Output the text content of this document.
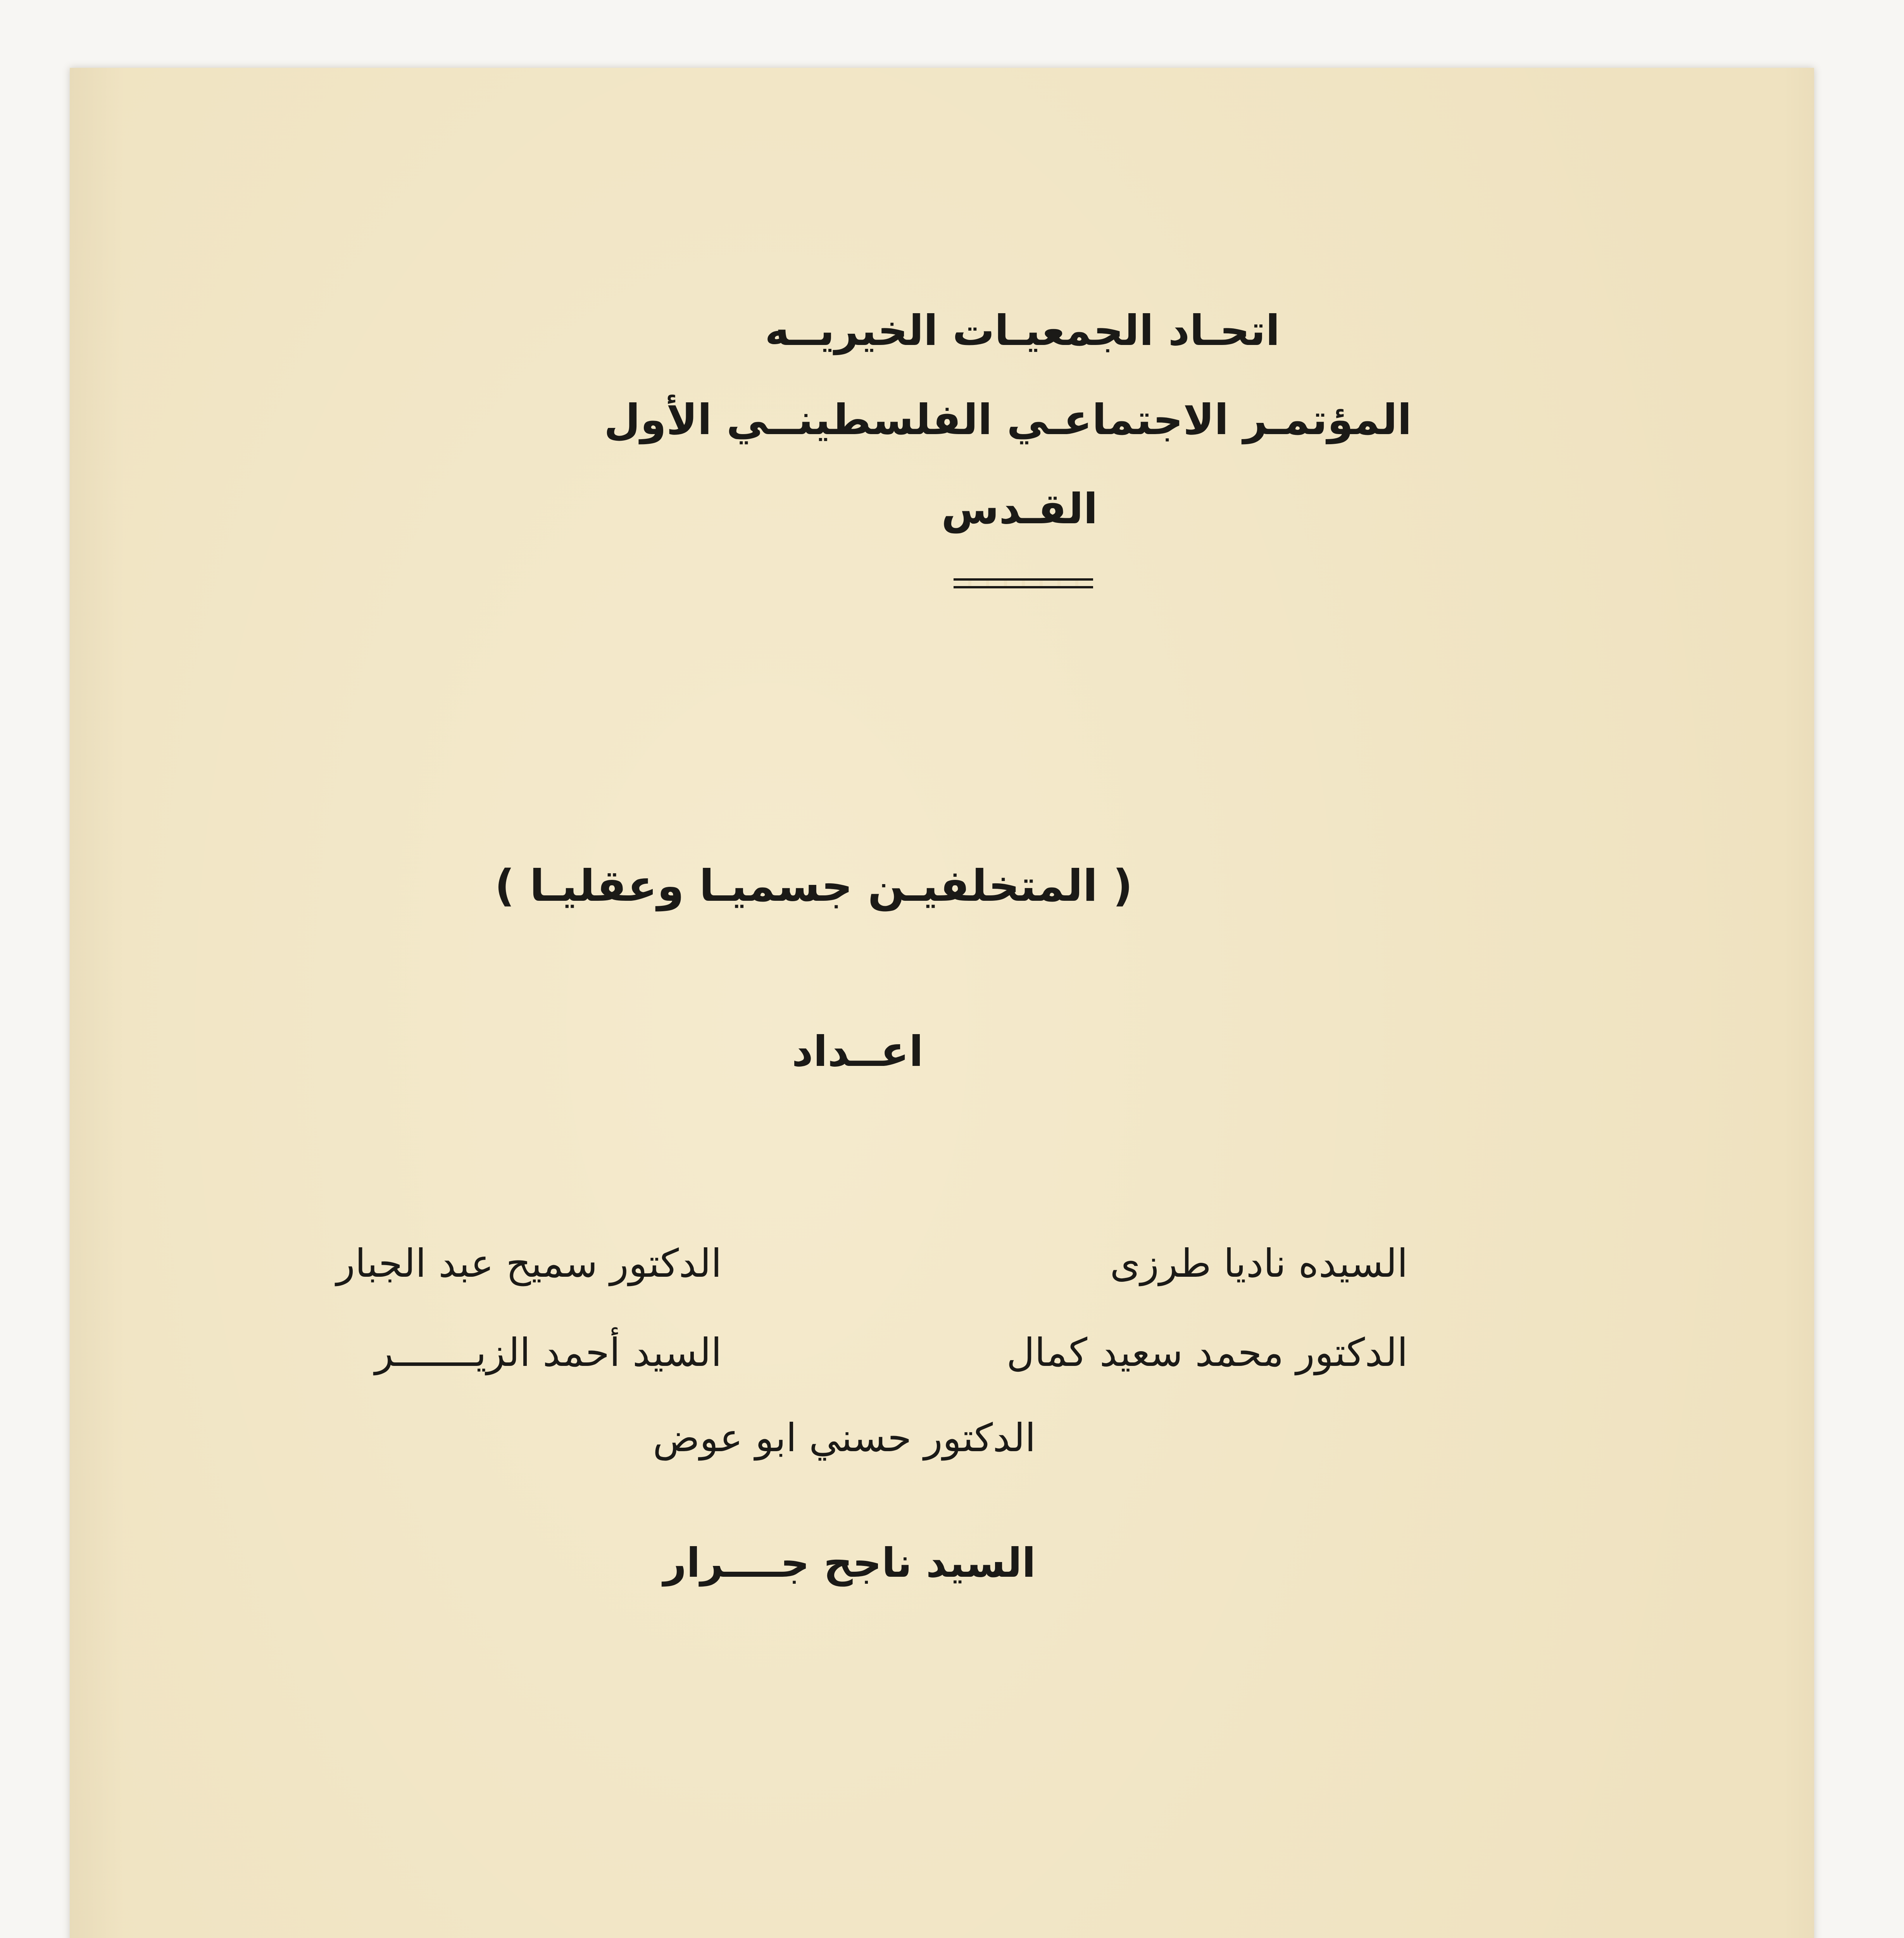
اتحـاد الجمعيـات الخيريــه
المؤتمـر الاجتماعـي الفلسطينــي الأول
القـدس
( المتخلفيـن جسميـا وعقليـا )
اعــداد
السيده ناديا طرزى
الدكتور سميح عبد الجبار
الدكتور محمد سعيد كمال
السيد أحمد الزيـــــــر
الدكتور حسني ابو عوض
السيد ناجح جــــرار
